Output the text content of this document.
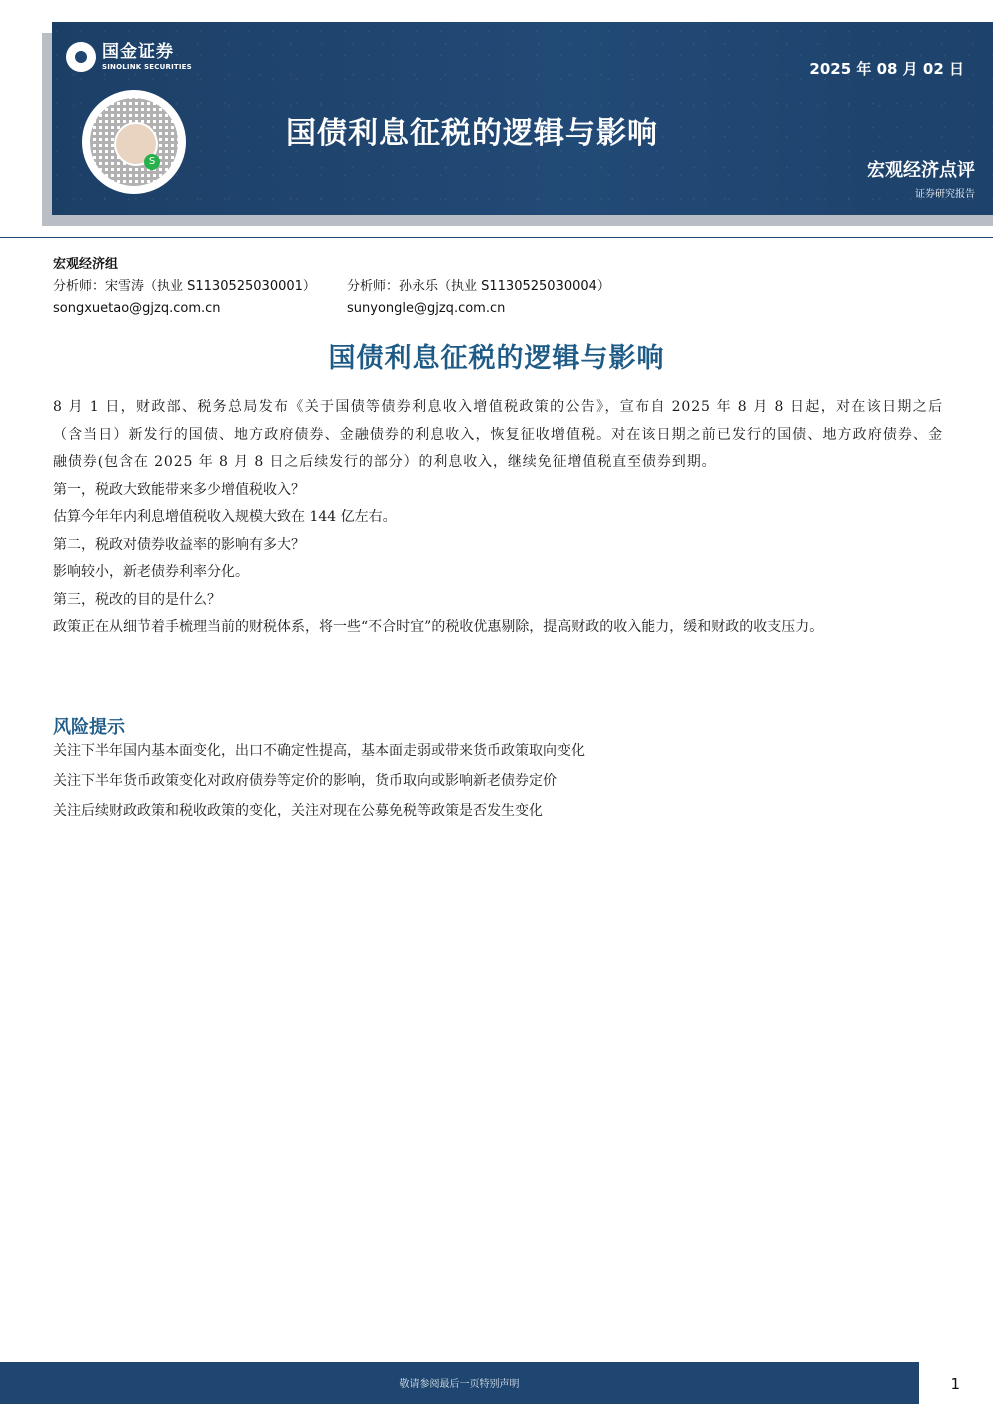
国金证券
SINOLINK SECURITIES
S
国债利息征税的逻辑与影响
2025 年 08 月 02 日
宏观经济点评
证券研究报告
宏观经济组
分析师：宋雪涛（执业 S1130525030001） 分析师：孙永乐（执业 S1130525030004）
songxuetao@gjzq.com.cn	sunyongle@gjzq.com.cn
国债利息征税的逻辑与影响

8 月 1 日，财政部、税务总局发布《关于国债等债券利息收入增值税政策的公告》，宣布自 2025 年 8 月 8 日起，对在该日期之后（含当日）新发行的国债、地方政府债券、金融债券的利息收入，恢复征收增值税。对在该日期之前已发行的国债、地方政府债券、金融债券(包含在 2025 年 8 月 8 日之后续发行的部分）的利息收入，继续免征增值税直至债券到期。

第一，税政大致能带来多少增值税收入？

估算今年年内利息增值税收入规模大致在 144 亿左右。

第二，税政对债券收益率的影响有多大？

影响较小，新老债券利率分化。

第三，税改的目的是什么？

政策正在从细节着手梳理当前的财税体系，将一些“不合时宜”的税收优惠剔除，提高财政的收入能力，缓和财政的收支压力。

风险提示

关注下半年国内基本面变化，出口不确定性提高，基本面走弱或带来货币政策取向变化

关注下半年货币政策变化对政府债券等定价的影响，货币取向或影响新老债券定价

关注后续财政政策和税收政策的变化，关注对现在公募免税等政策是否发生变化

敬请参阅最后一页特别声明	1
